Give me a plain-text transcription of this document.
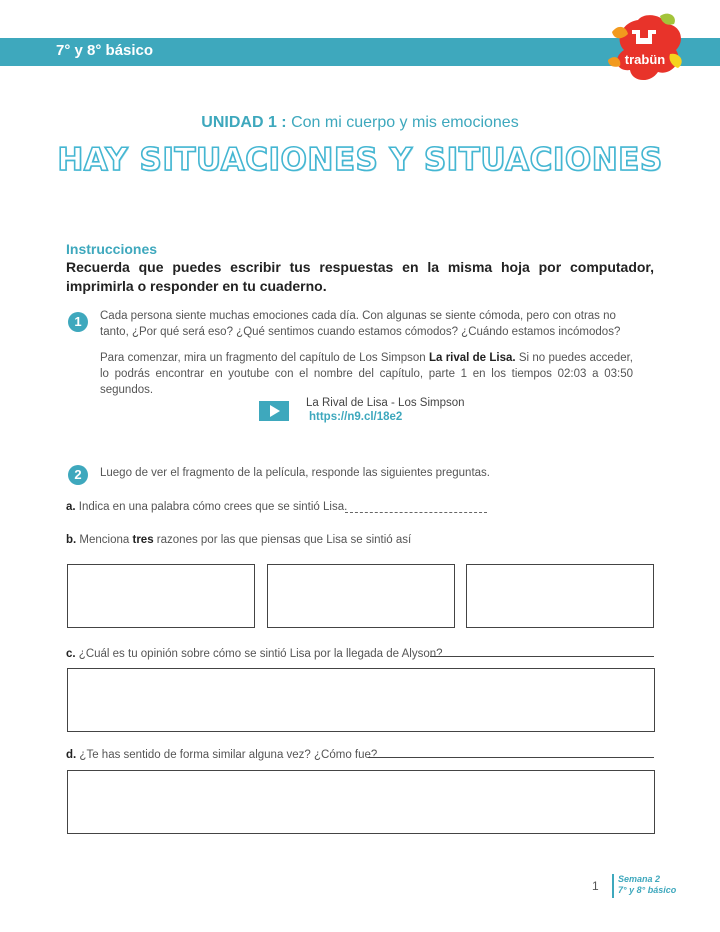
7° y 8° básico
trabün
UNIDAD 1 : Con mi cuerpo y mis emociones
HAY SITUACIONES Y SITUACIONES
Instrucciones
Recuerda que puedes escribir tus respuestas en la misma hoja por computador, imprimirla o responder en tu cuaderno.
1	Cada persona siente muchas emociones cada día. Con algunas se siente cómoda, pero con otras no tanto, ¿Por qué será eso? ¿Qué sentimos cuando estamos cómodos? ¿Cuándo estamos incómodos?
Para comenzar, mira un fragmento del capítulo de Los Simpson La rival de Lisa. Si no puedes acceder, lo podrás encontrar en youtube con el nombre del capítulo, parte 1 en los tiempos 02:03 a 03:50 segundos.
La Rival de Lisa - Los Simpson
https://n9.cl/18e2
2	Luego de ver el fragmento de la película, responde las siguientes preguntas.
a. Indica en una palabra cómo crees que se sintió Lisa.
b. Menciona tres razones por las que piensas que Lisa se sintió así
c. ¿Cuál es tu opinión sobre cómo se sintió Lisa por la llegada de Alyson?
d. ¿Te has sentido de forma similar alguna vez? ¿Cómo fue?
1 Semana 2
7° y 8° básico
